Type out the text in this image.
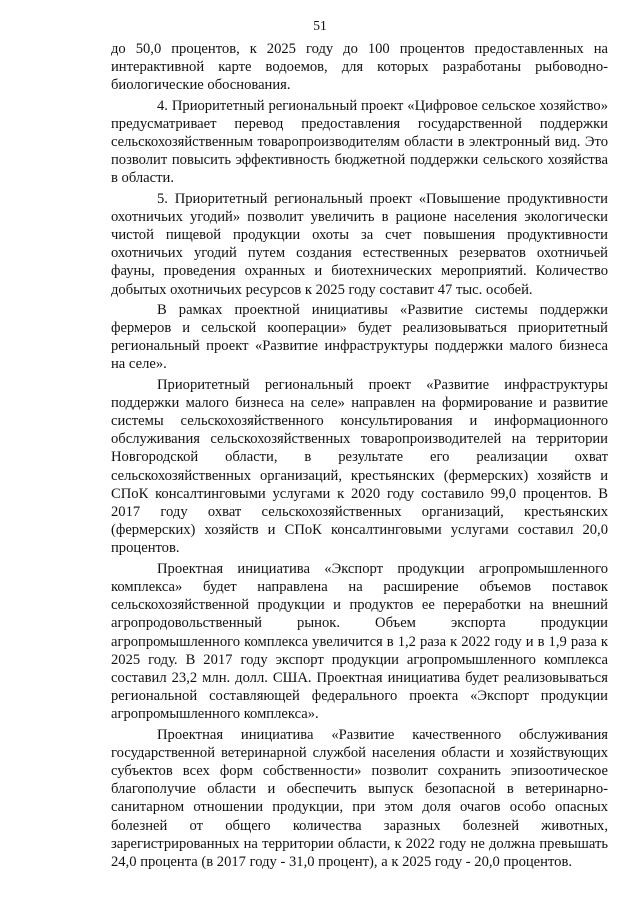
51

до 50,0 процентов, к 2025 году до 100 процентов предоставленных на интерактивной карте водоемов, для которых разработаны рыбоводно-биологические обоснования.

4. Приоритетный региональный проект «Цифровое сельское хозяйство» предусматривает перевод предоставления государственной поддержки сельскохозяйственным товаропроизводителям области в электронный вид. Это позволит повысить эффективность бюджетной поддержки сельского хозяйства в области.

5. Приоритетный региональный проект «Повышение продуктивности охотничьих угодий» позволит увеличить в рационе населения экологически чистой пищевой продукции охоты за счет повышения продуктивности охотничьих угодий путем создания естественных резерватов охотничьей фауны, проведения охранных и биотехнических мероприятий. Количество добытых охотничьих ресурсов к 2025 году составит 47 тыс. особей.

В рамках проектной инициативы «Развитие системы поддержки фермеров и сельской кооперации» будет реализовываться приоритетный региональный проект «Развитие инфраструктуры поддержки малого бизнеса на селе».

Приоритетный региональный проект «Развитие инфраструктуры поддержки малого бизнеса на селе» направлен на формирование и развитие системы сельскохозяйственного консультирования и информационного обслуживания сельскохозяйственных товаропроизводителей на территории Новгородской области, в результате его реализации охват сельскохозяйственных организаций, крестьянских (фермерских) хозяйств и СПоК консалтинговыми услугами к 2020 году составило 99,0 процентов. В 2017 году охват сельскохозяйственных организаций, крестьянских (фермерских) хозяйств и СПоК консалтинговыми услугами составил 20,0 процентов.

Проектная инициатива «Экспорт продукции агропромышленного комплекса» будет направлена на расширение объемов поставок сельскохозяйственной продукции и продуктов ее переработки на внешний агропродовольственный рынок. Объем экспорта продукции агропромышленного комплекса увеличится в 1,2 раза к 2022 году и в 1,9 раза к 2025 году. В 2017 году экспорт продукции агропромышленного комплекса составил 23,2 млн. долл. США. Проектная инициатива будет реализовываться региональной составляющей федерального проекта «Экспорт продукции агропромышленного комплекса».

Проектная инициатива «Развитие качественного обслуживания государственной ветеринарной службой населения области и хозяйствующих субъектов всех форм собственности» позволит сохранить эпизоотическое благополучие области и обеспечить выпуск безопасной в ветеринарно-санитарном отношении продукции, при этом доля очагов особо опасных болезней от общего количества заразных болезней животных, зарегистрированных на территории области, к 2022 году не должна превышать 24,0 процента (в 2017 году - 31,0 процент), а к 2025 году - 20,0 процентов.
